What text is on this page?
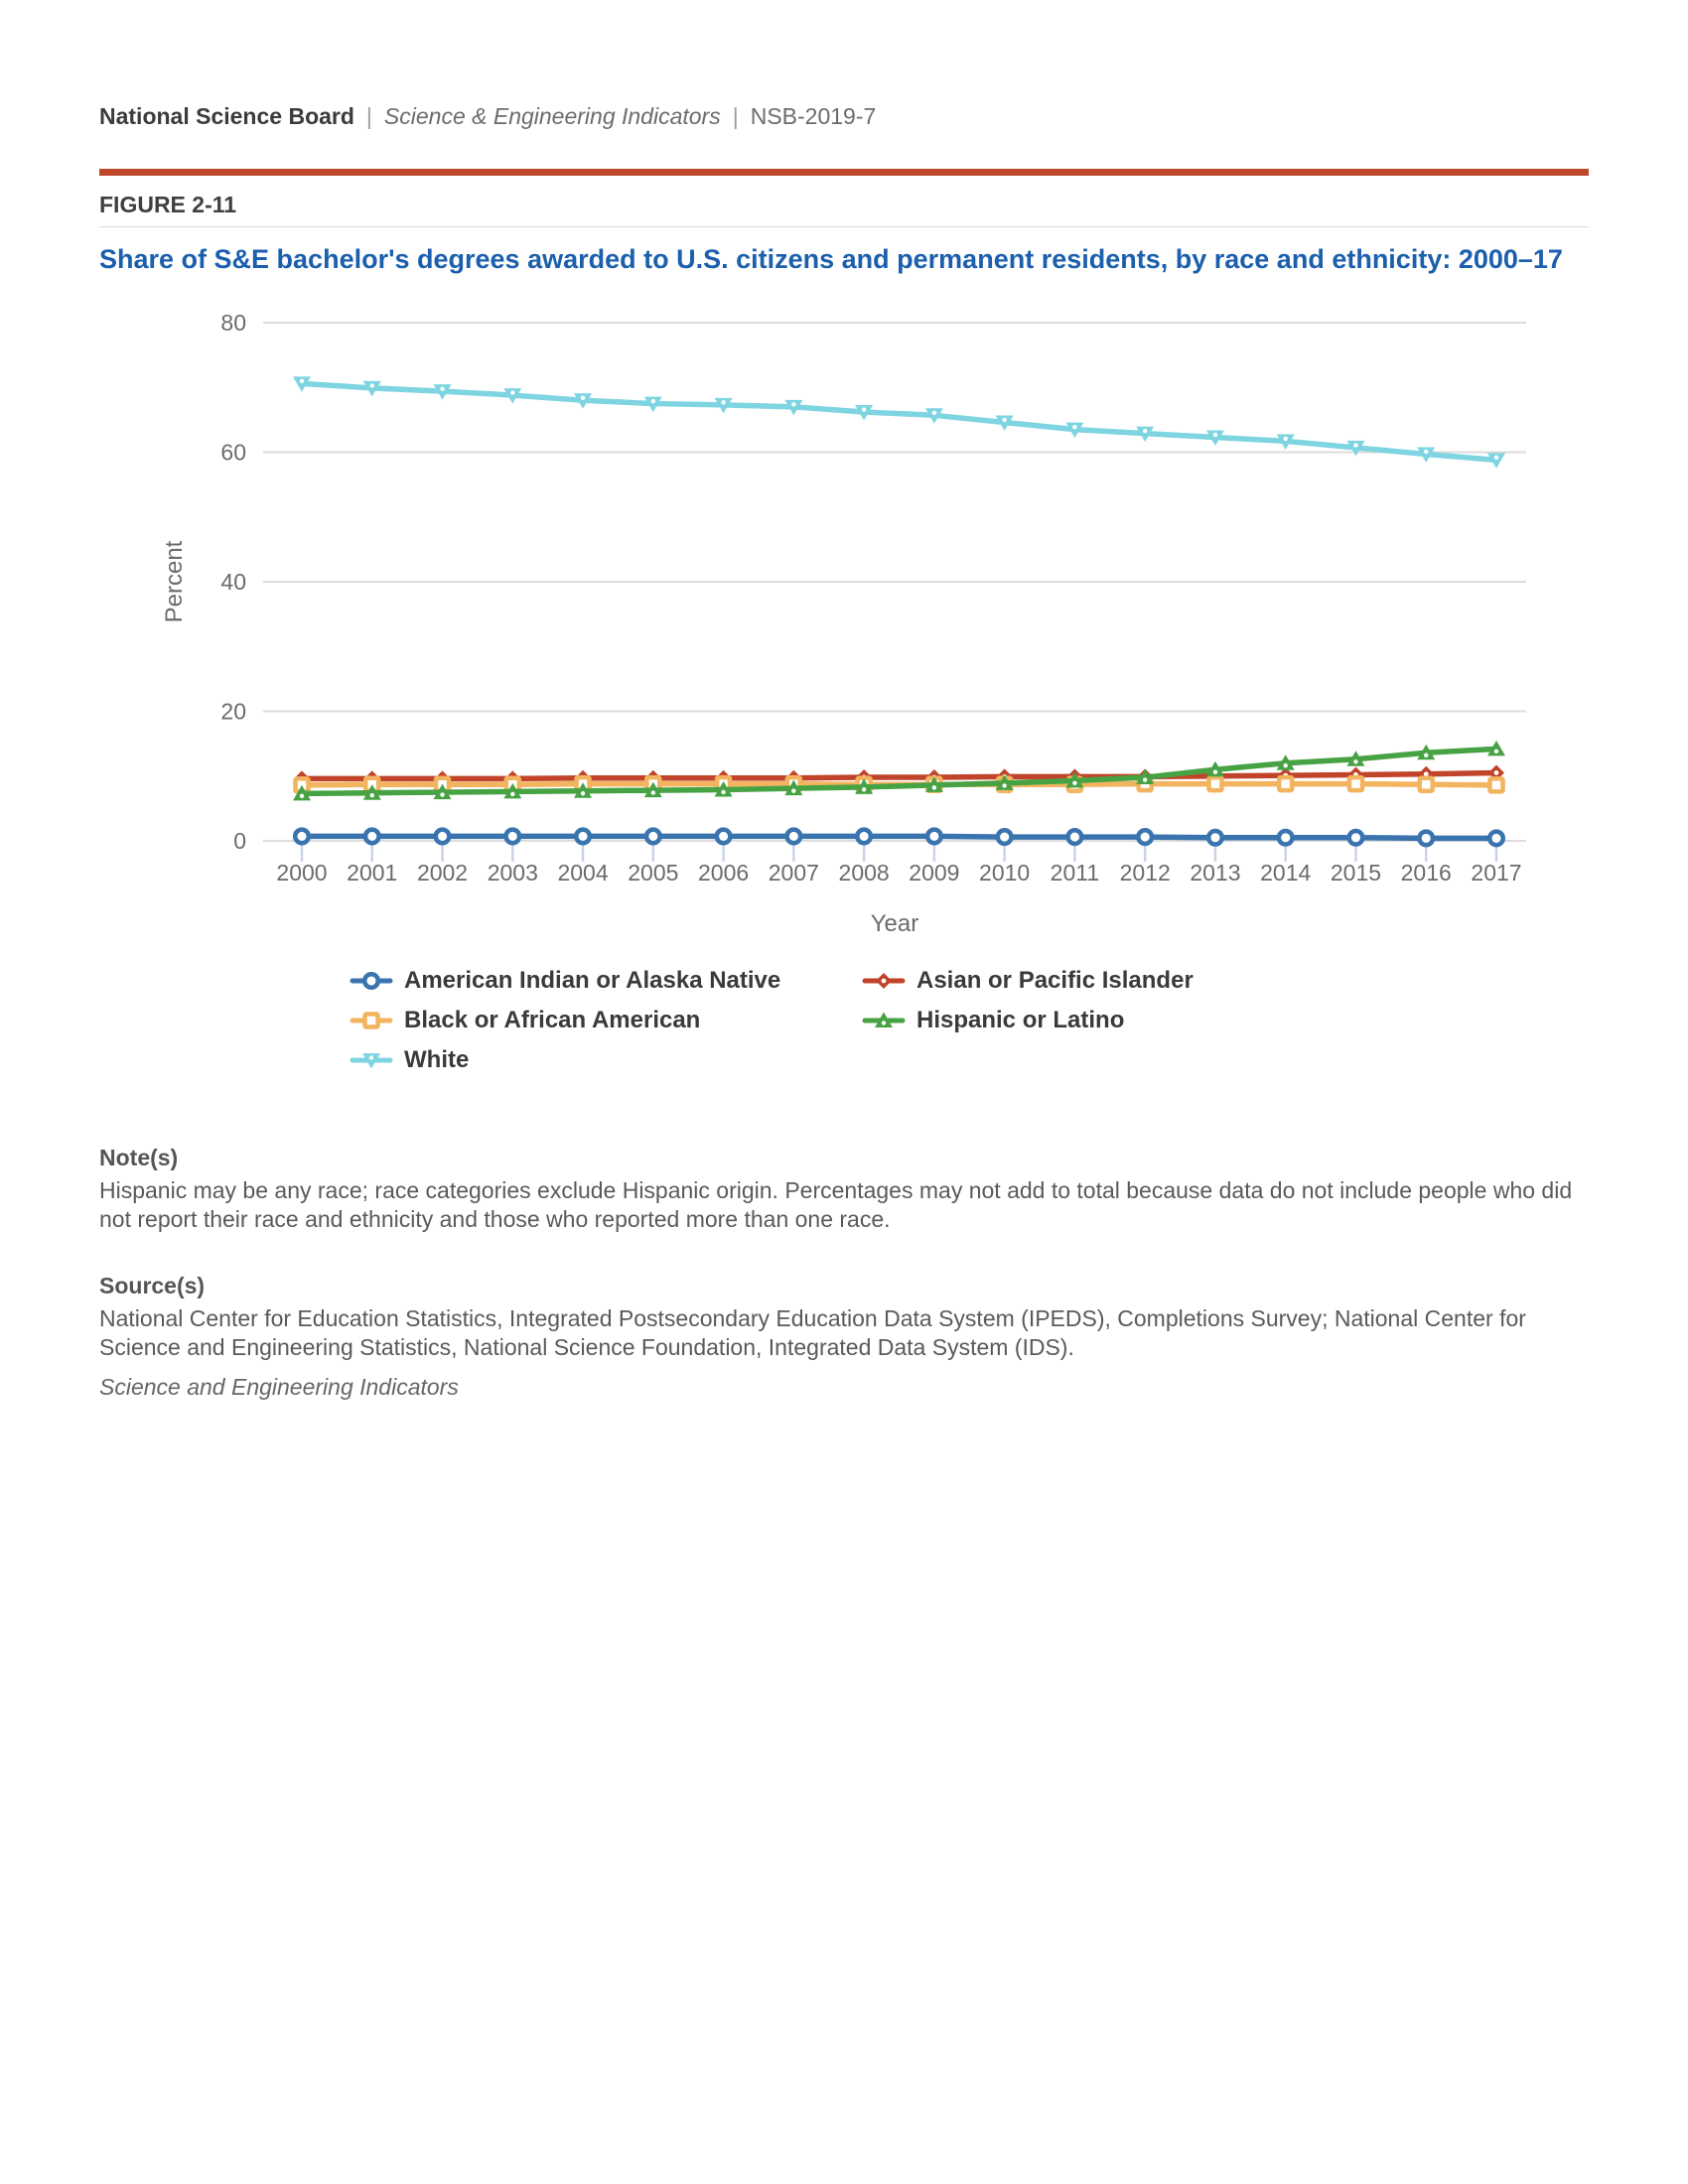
National Science Board | Science & Engineering Indicators | NSB-2019-7
FIGURE 2-11
Share of S&E bachelor's degrees awarded to U.S. citizens and permanent residents, by race and ethnicity: 2000–17
0
20
40
60
80
Percent
2000 2001 2002 2003 2004 2005 2006 2007 2008 2009 2010 2011 2012 2013 2014 2015 2016 2017
Year
American Indian or Alaska Native	Asian or Pacific Islander
Black or African American	Hispanic or Latino
White
Note(s)
Hispanic may be any race; race categories exclude Hispanic origin. Percentages may not add to total because data do not include people who did not report their race and ethnicity and those who reported more than one race.
Source(s)
National Center for Education Statistics, Integrated Postsecondary Education Data System (IPEDS), Completions Survey; National Center for Science and Engineering Statistics, National Science Foundation, Integrated Data System (IDS).
Science and Engineering Indicators
